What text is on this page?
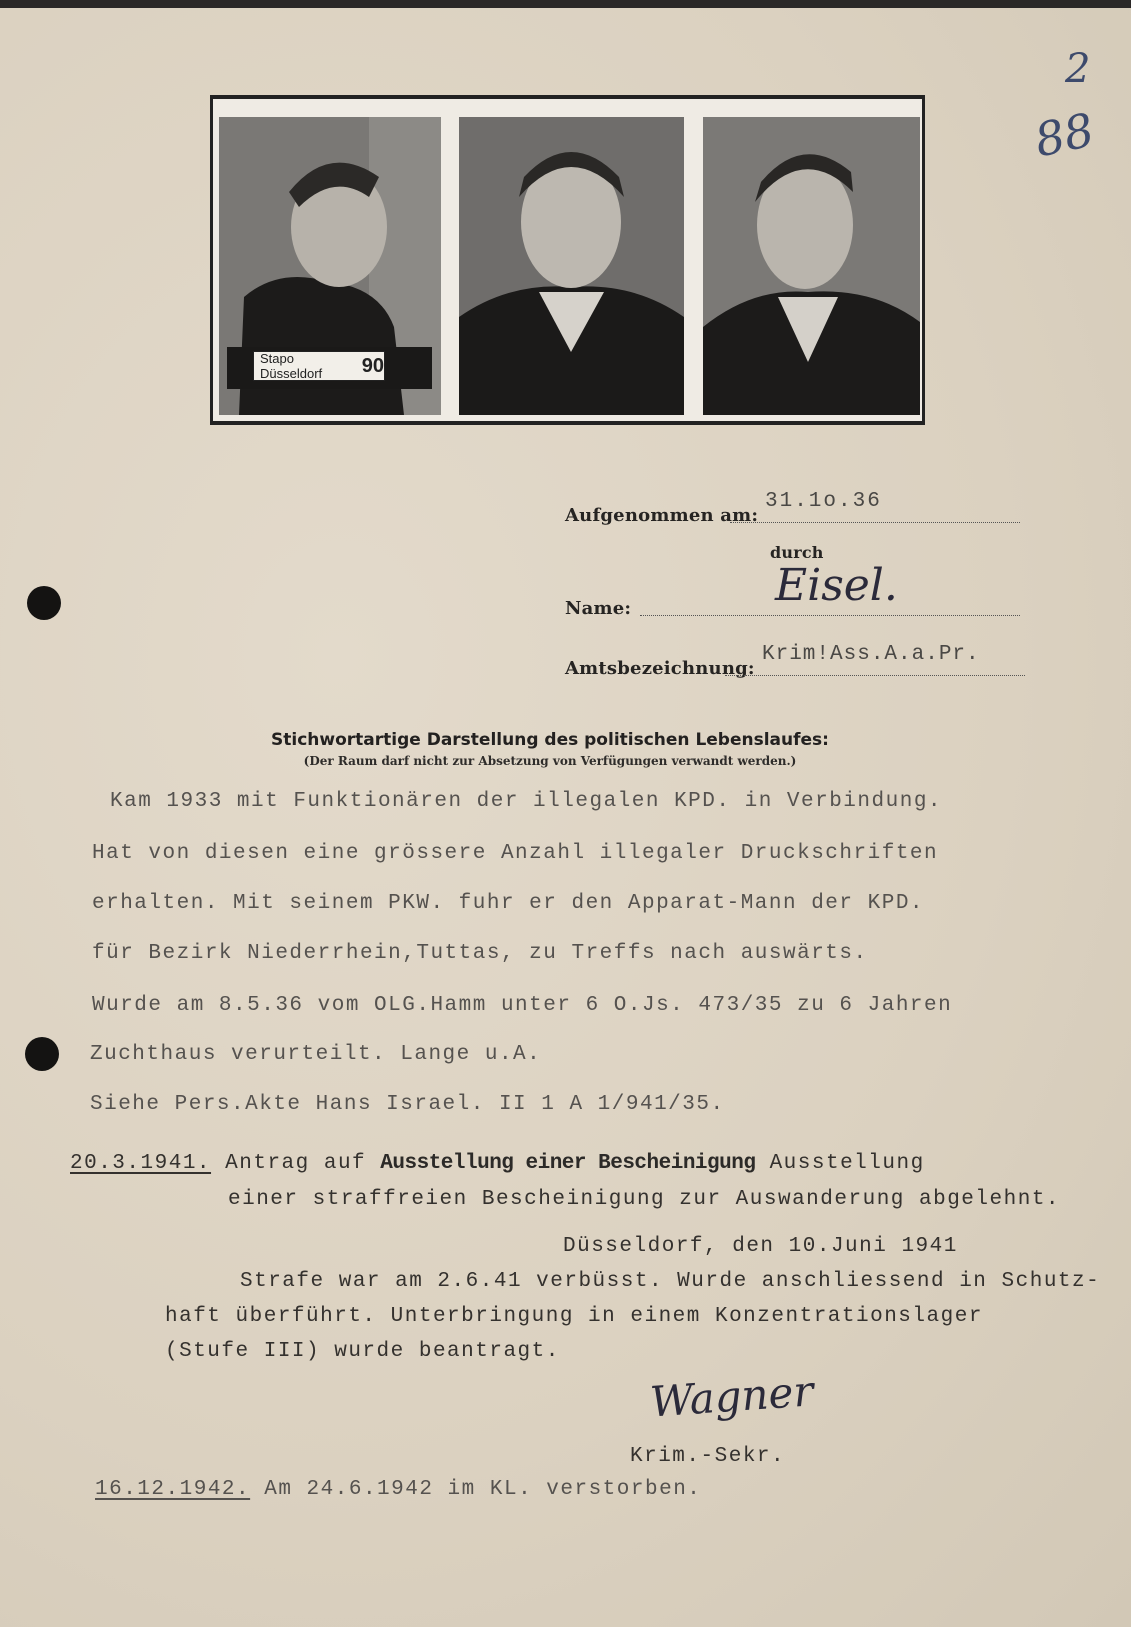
2
88
Stapo Düsseldorf	90
Aufgenommen am:
31.1o.36
durch
Name:	Eisel.
Amtsbezeichnung:
Krim!Ass.A.a.Pr.
Stichwortartige Darstellung des politischen Lebenslaufes:
(Der Raum darf nicht zur Absetzung von Verfügungen verwandt werden.)
Kam 1933 mit Funktionären der illegalen KPD. in Verbindung.
Hat von diesen eine grössere Anzahl illegaler Druckschriften
erhalten. Mit seinem PKW. fuhr er den Apparat-Mann der KPD.
für Bezirk Niederrhein,Tuttas, zu Treffs nach auswärts.
Wurde am 8.5.36 vom OLG.Hamm unter 6 O.Js. 473/35 zu 6 Jahren
Zuchthaus verurteilt. Lange u.A.
Siehe Pers.Akte Hans Israel. II 1 A 1/941/35.
20.3.1941. Antrag auf Ausstellung einer Bescheinigung Ausstellung
einer straffreien Bescheinigung zur Auswanderung abgelehnt.
Düsseldorf, den 10.Juni 1941
Strafe war am 2.6.41 verbüsst. Wurde anschliessend in Schutz-
haft überführt. Unterbringung in einem Konzentrationslager
(Stufe III) wurde beantragt.
Wagner
Krim.-Sekr.
16.12.1942. Am 24.6.1942 im KL. verstorben.
